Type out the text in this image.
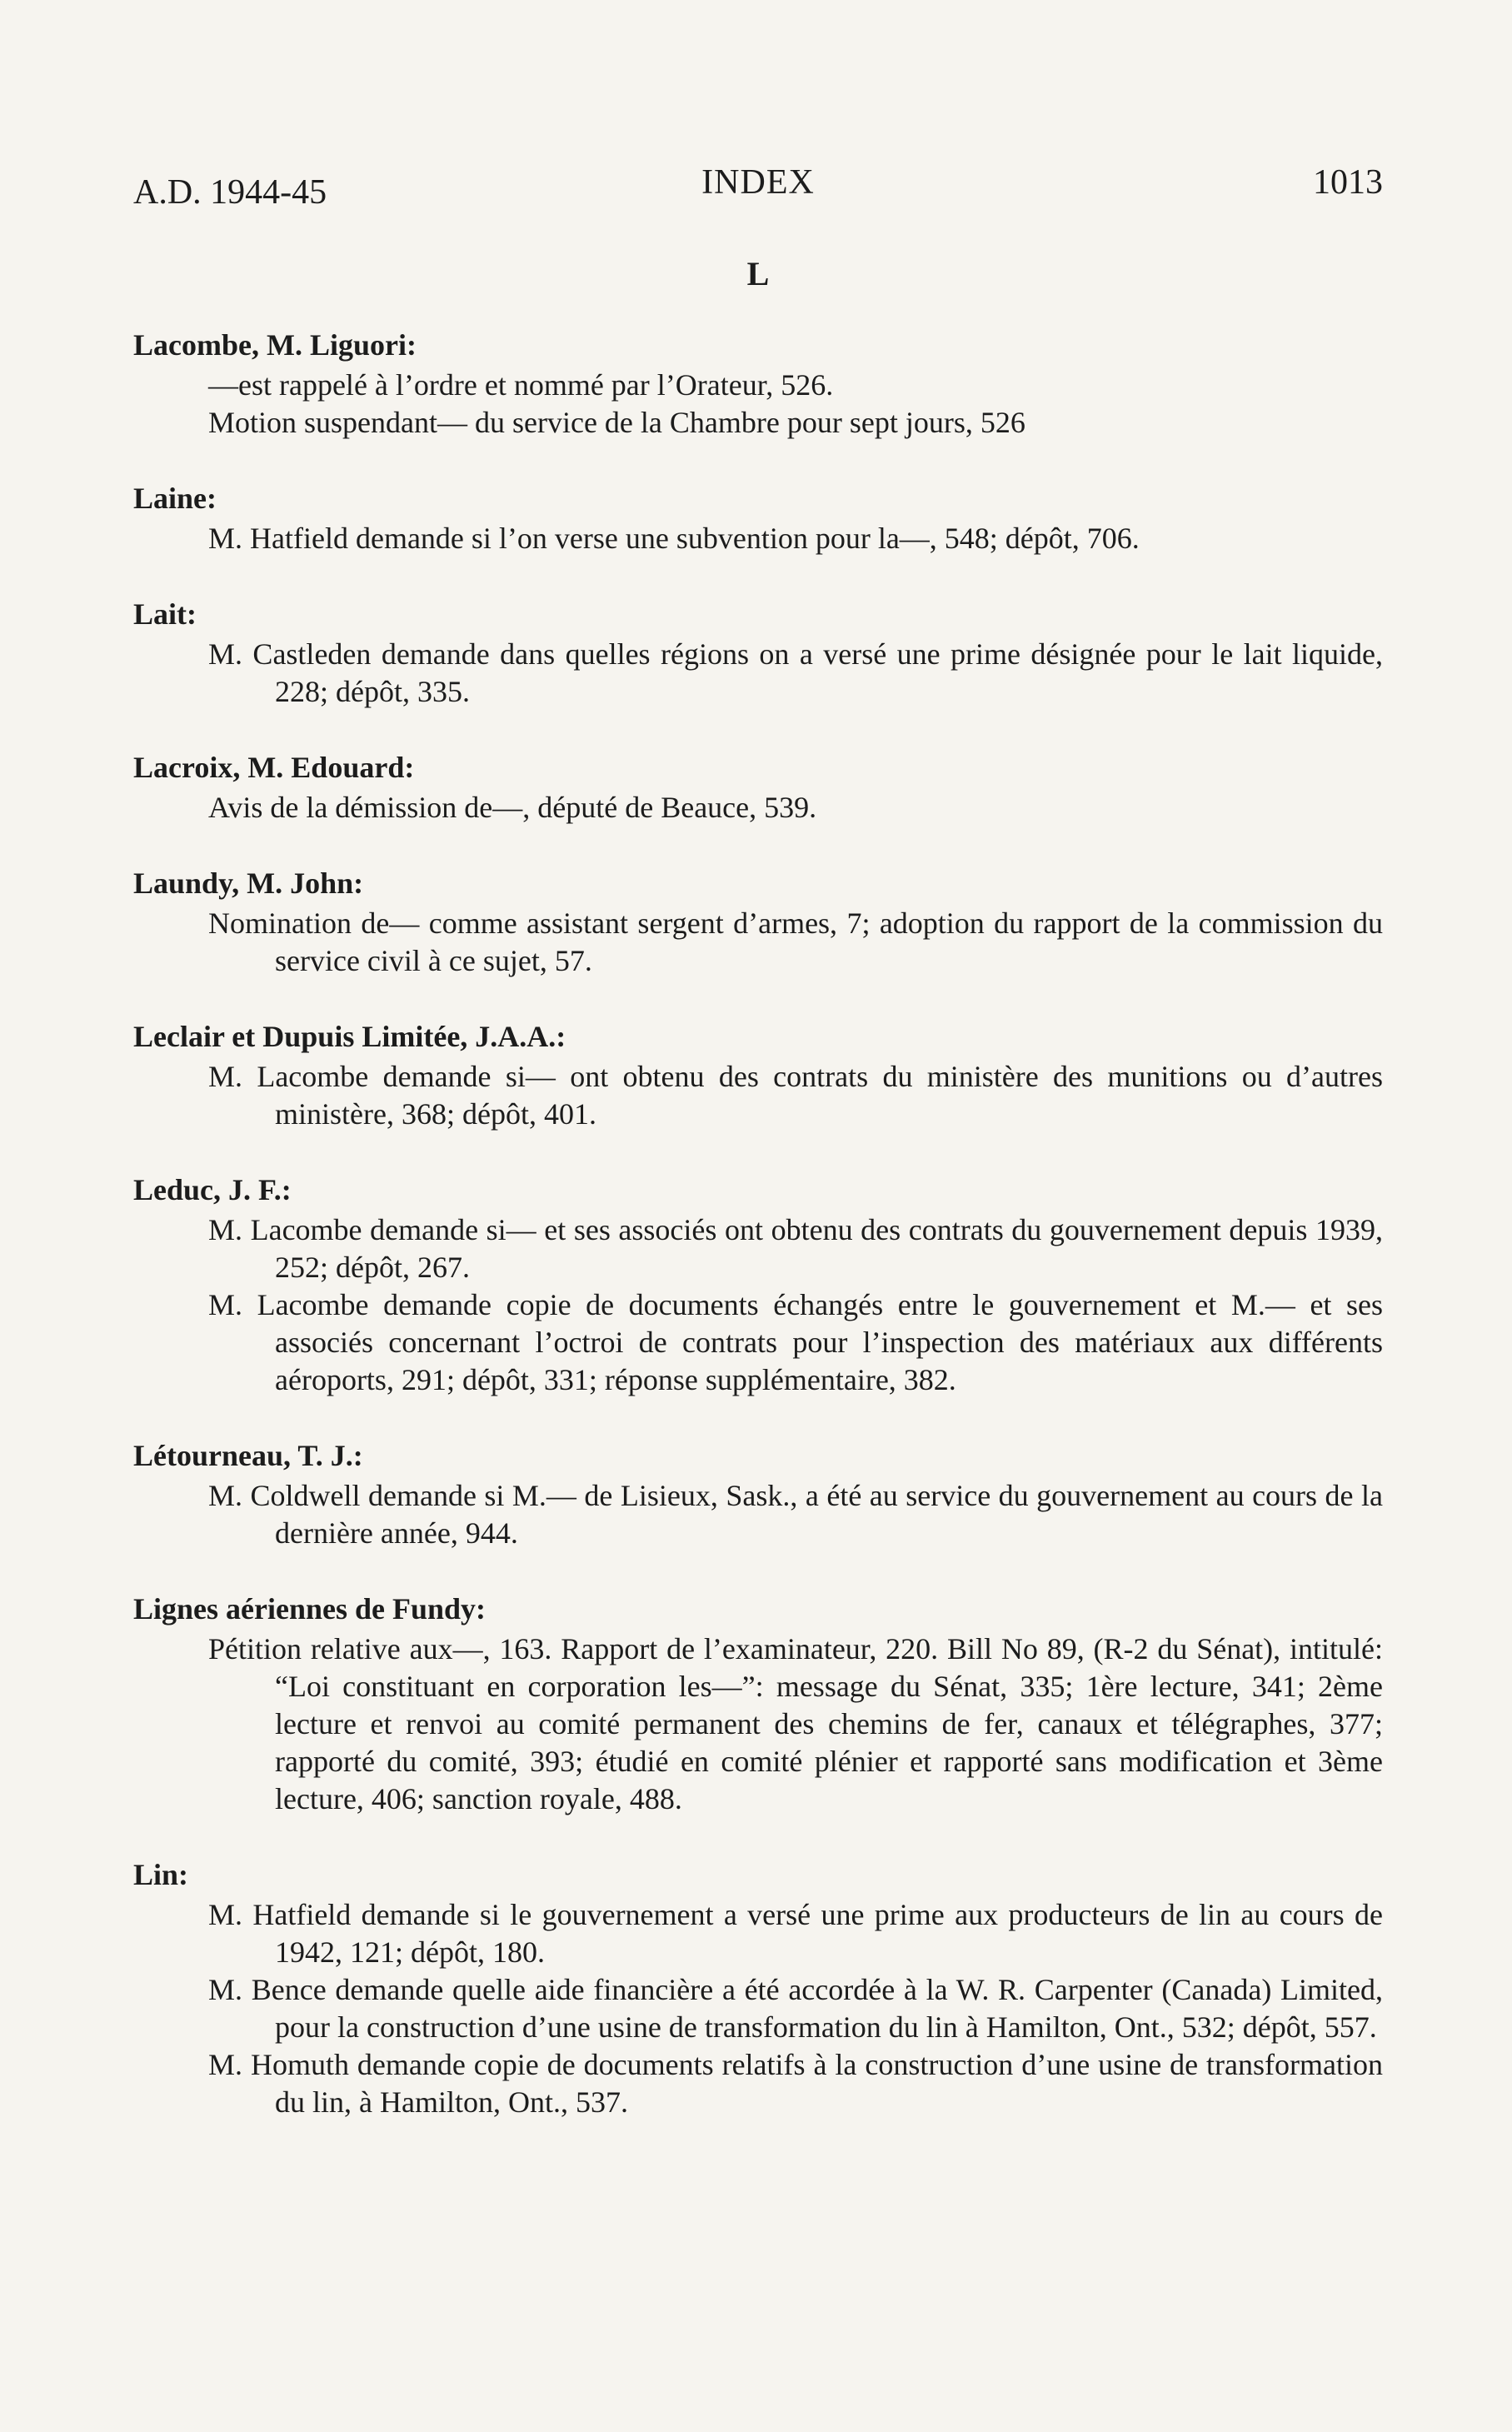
A.D. 1944-45	INDEX	1013
L
Lacombe, M. Liguori:
—est rappelé à l’ordre et nommé par l’Orateur, 526.
Motion suspendant— du service de la Chambre pour sept jours, 526
Laine:
M. Hatfield demande si l’on verse une subvention pour la—, 548; dépôt, 706.
Lait:
M. Castleden demande dans quelles régions on a versé une prime désignée pour le lait liquide, 228; dépôt, 335.
Lacroix, M. Edouard:
Avis de la démission de—, député de Beauce, 539.
Laundy, M. John:
Nomination de— comme assistant sergent d’armes, 7; adoption du rapport de la commission du service civil à ce sujet, 57.
Leclair et Dupuis Limitée, J.A.A.:
M. Lacombe demande si— ont obtenu des contrats du ministère des munitions ou d’autres ministère, 368; dépôt, 401.
Leduc, J. F.:
M. Lacombe demande si— et ses associés ont obtenu des contrats du gouvernement depuis 1939, 252; dépôt, 267.
M. Lacombe demande copie de documents échangés entre le gouvernement et M.— et ses associés concernant l’octroi de contrats pour l’inspection des matériaux aux différents aéroports, 291; dépôt, 331; réponse supplémentaire, 382.
Létourneau, T. J.:
M. Coldwell demande si M.— de Lisieux, Sask., a été au service du gouvernement au cours de la dernière année, 944.
Lignes aériennes de Fundy:
Pétition relative aux—, 163. Rapport de l’examinateur, 220. Bill No 89, (R-2 du Sénat), intitulé: “Loi constituant en corporation les—”: message du Sénat, 335; 1ère lecture, 341; 2ème lecture et renvoi au comité permanent des chemins de fer, canaux et télégraphes, 377; rapporté du comité, 393; étudié en comité plénier et rapporté sans modification et 3ème lecture, 406; sanction royale, 488.
Lin:
M. Hatfield demande si le gouvernement a versé une prime aux producteurs de lin au cours de 1942, 121; dépôt, 180.
M. Bence demande quelle aide financière a été accordée à la W. R. Carpenter (Canada) Limited, pour la construction d’une usine de transformation du lin à Hamilton, Ont., 532; dépôt, 557.
M. Homuth demande copie de documents relatifs à la construction d’une usine de transformation du lin, à Hamilton, Ont., 537.
